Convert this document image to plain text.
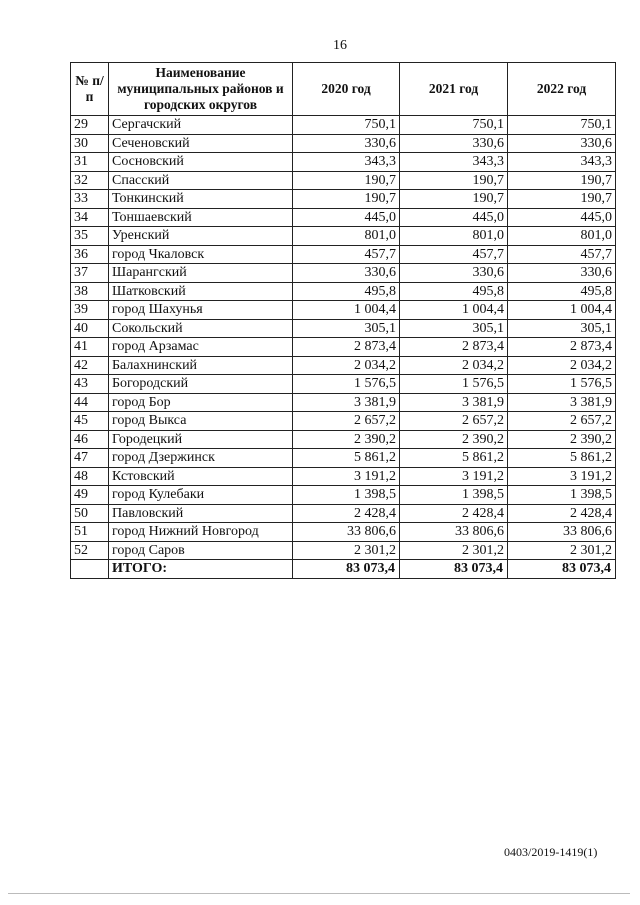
16
№ п/п	Наименование муниципальных районов и городских округов	2020 год	2021 год	2022 год
29	Сергачский	750,1	750,1	750,1
30	Сеченовский	330,6	330,6	330,6
31	Сосновский	343,3	343,3	343,3
32	Спасский	190,7	190,7	190,7
33	Тонкинский	190,7	190,7	190,7
34	Тоншаевский	445,0	445,0	445,0
35	Уренский	801,0	801,0	801,0
36	город Чкаловск	457,7	457,7	457,7
37	Шарангский	330,6	330,6	330,6
38	Шатковский	495,8	495,8	495,8
39	город Шахунья	1 004,4	1 004,4	1 004,4
40	Сокольский	305,1	305,1	305,1
41	город Арзамас	2 873,4	2 873,4	2 873,4
42	Балахнинский	2 034,2	2 034,2	2 034,2
43	Богородский	1 576,5	1 576,5	1 576,5
44	город Бор	3 381,9	3 381,9	3 381,9
45	город Выкса	2 657,2	2 657,2	2 657,2
46	Городецкий	2 390,2	2 390,2	2 390,2
47	город Дзержинск	5 861,2	5 861,2	5 861,2
48	Кстовский	3 191,2	3 191,2	3 191,2
49	город Кулебаки	1 398,5	1 398,5	1 398,5
50	Павловский	2 428,4	2 428,4	2 428,4
51	город Нижний Новгород	33 806,6	33 806,6	33 806,6
52	город Саров	2 301,2	2 301,2	2 301,2
	ИТОГО:	83 073,4	83 073,4	83 073,4
0403/2019-1419(1)
